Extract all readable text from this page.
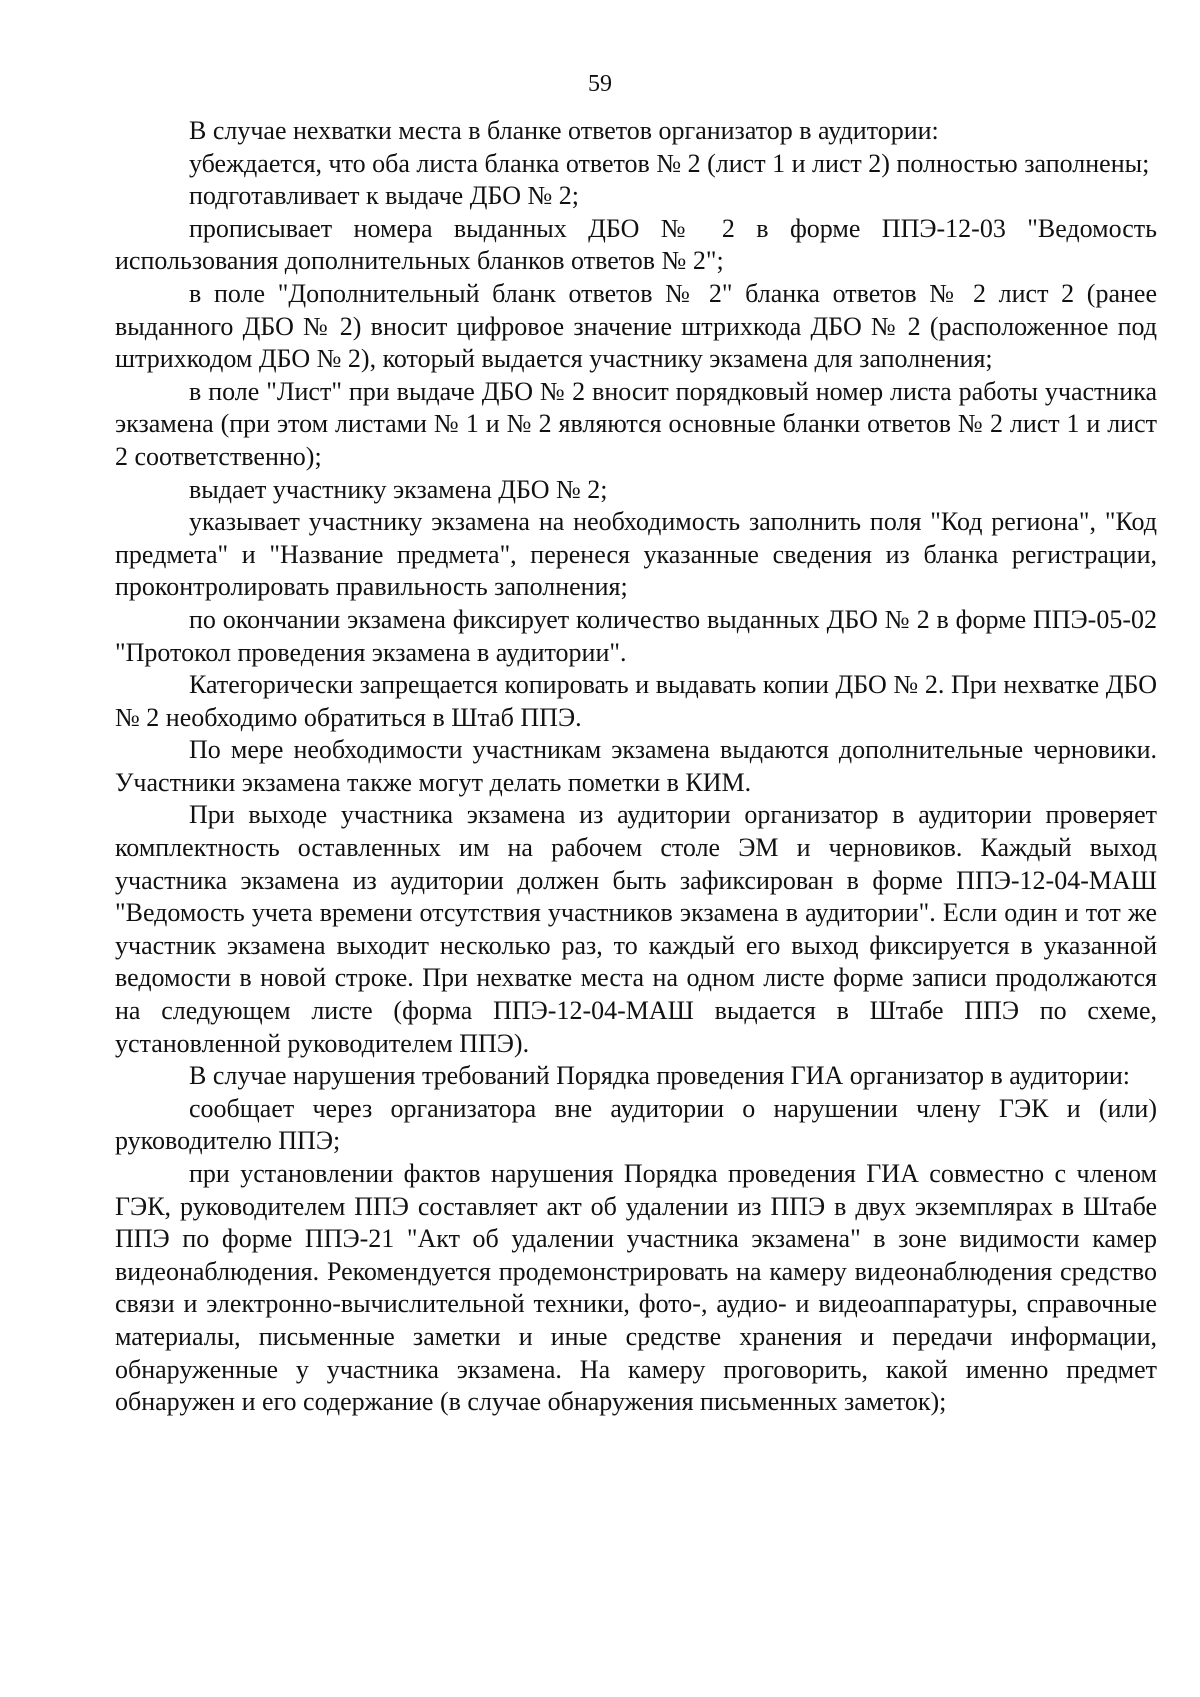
59

В случае нехватки места в бланке ответов организатор в аудитории:

убеждается, что оба листа бланка ответов № 2 (лист 1 и лист 2) полностью заполнены;

подготавливает к выдаче ДБО № 2;

прописывает номера выданных ДБО № 2 в форме ППЭ-12-03 "Ведомость использования дополнительных бланков ответов № 2";

в поле "Дополнительный бланк ответов № 2" бланка ответов № 2 лист 2 (ранее выданного ДБО № 2) вносит цифровое значение штрихкода ДБО № 2 (расположенное под штрихкодом ДБО № 2), который выдается участнику экзамена для заполнения;

в поле "Лист" при выдаче ДБО № 2 вносит порядковый номер листа работы участника экзамена (при этом листами № 1 и № 2 являются основные бланки ответов № 2 лист 1 и лист 2 соответственно);

выдает участнику экзамена ДБО № 2;

указывает участнику экзамена на необходимость заполнить поля "Код региона", "Код предмета" и "Название предмета", перенеся указанные сведения из бланка регистрации, проконтролировать правильность заполнения;

по окончании экзамена фиксирует количество выданных ДБО № 2 в форме ППЭ-05-02 "Протокол проведения экзамена в аудитории".

Категорически запрещается копировать и выдавать копии ДБО № 2. При нехватке ДБО № 2 необходимо обратиться в Штаб ППЭ.

По мере необходимости участникам экзамена выдаются дополнительные черновики. Участники экзамена также могут делать пометки в КИМ.

При выходе участника экзамена из аудитории организатор в аудитории проверяет комплектность оставленных им на рабочем столе ЭМ и черновиков. Каждый выход участника экзамена из аудитории должен быть зафиксирован в форме ППЭ-12-04-МАШ "Ведомость учета времени отсутствия участников экзамена в аудитории". Если один и тот же участник экзамена выходит несколько раз, то каждый его выход фиксируется в указанной ведомости в новой строке. При нехватке места на одном листе форме записи продолжаются на следующем листе (форма ППЭ-12-04-МАШ выдается в Штабе ППЭ по схеме, установленной руководителем ППЭ).

В случае нарушения требований Порядка проведения ГИА организатор в аудитории:

сообщает через организатора вне аудитории о нарушении члену ГЭК и (или) руководителю ППЭ;

при установлении фактов нарушения Порядка проведения ГИА совместно с членом ГЭК, руководителем ППЭ составляет акт об удалении из ППЭ в двух экземплярах в Штабе ППЭ по форме ППЭ-21 "Акт об удалении участника экзамена" в зоне видимости камер видеонаблюдения. Рекомендуется продемонстрировать на камеру видеонаблюдения средство связи и электронно-вычислительной техники, фото-, аудио- и видеоаппаратуры, справочные материалы, письменные заметки и иные средстве хранения и передачи информации, обнаруженные у участника экзамена. На камеру проговорить, какой именно предмет обнаружен и его содержание (в случае обнаружения письменных заметок);
